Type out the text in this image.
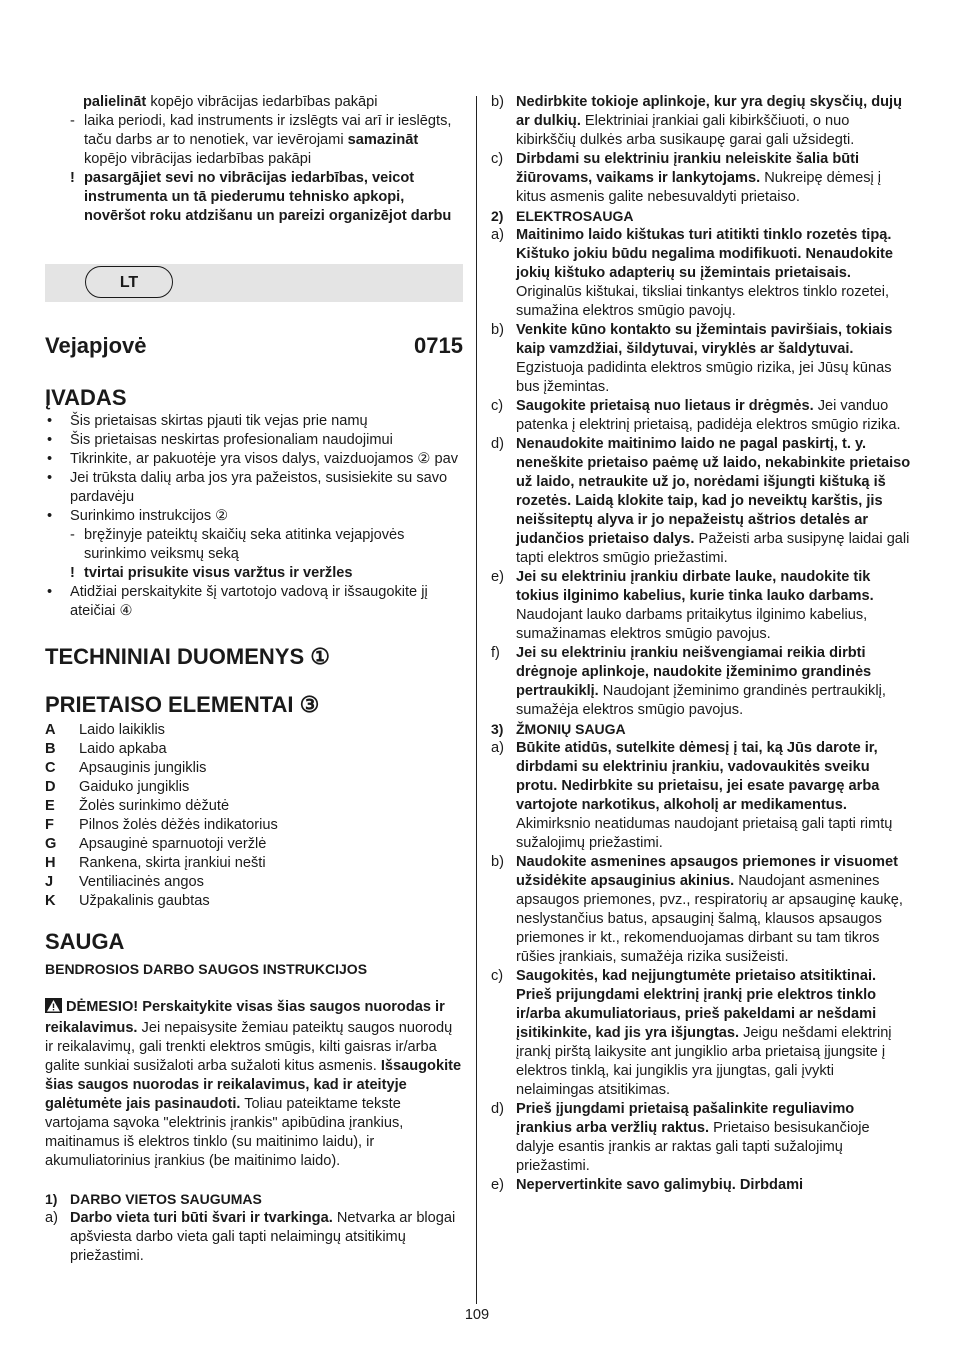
palielināt kopējo vibrācijas iedarbības pakāpi

- laika periodi, kad instruments ir izslēgts vai arī ir ieslēgts, taču darbs ar to nenotiek, var ievērojami samazināt kopējo vibrācijas iedarbības pakāpi
! pasargājiet sevi no vibrācijas iedarbības, veicot instrumenta un tā piederumu tehnisko apkopi, novēršot roku atdzišanu un pareizi organizējot darbu
LT
Vejapjovė	0715
ĮVADAS
•	Šis prietaisas skirtas pjauti tik vejas prie namų
•	Šis prietaisas neskirtas profesionaliam naudojimui
•	Tikrinkite, ar pakuotėje yra visos dalys, vaizduojamos ② pav
•	Jei trūksta dalių arba jos yra pažeistos, susisiekite su savo pardavėju
•	Surinkimo instrukcijos ②
- bręžinyje pateiktų skaičių seka atitinka vejapjovės surinkimo veiksmų seką
! tvirtai prisukite visus varžtus ir veržles
•	Atidžiai perskaitykite šį vartotojo vadovą ir išsaugokite jį ateičiai ④
TECHNINIAI DUOMENYS ①
PRIETAISO ELEMENTAI ③
A	Laido laikiklis
B	Laido apkaba
C	Apsauginis jungiklis
D	Gaiduko jungiklis
E	Žolės surinkimo dėžutė
F	Pilnos žolės dėžės indikatorius
G	Apsauginė sparnuotoji veržlė
H	Rankena, skirta įrankiui nešti
J	Ventiliacinės angos
K	Užpakalinis gaubtas
SAUGA

BENDROSIOS DARBO SAUGOS INSTRUKCIJOS

DĖMESIO! Perskaitykite visas šias saugos nuorodas ir reikalavimus. Jei nepaisysite žemiau pateiktų saugos nuorodų ir reikalavimų, gali trenkti elektros smūgis, kilti gaisras ir/arba galite sunkiai susižaloti arba sužaloti kitus asmenis. Išsaugokite šias saugos nuorodas ir reikalavimus, kad ir ateityje galėtumėte jais pasinaudoti. Toliau pateiktame tekste vartojama sąvoka "elektrinis įrankis" apibūdina įrankius, maitinamus iš elektros tinklo (su maitinimo laidu), ir akumuliatorinius įrankius (be maitinimo laido).

1) DARBO VIETOS SAUGUMAS
a) Darbo vieta turi būti švari ir tvarkinga. Netvarka ar blogai apšviesta darbo vieta gali tapti nelaimingų atsitikimų priežastimi.
b) Nedirbkite tokioje aplinkoje, kur yra degių skysčių, dujų ar dulkių. Elektriniai įrankiai gali kibirkščiuoti, o nuo kibirkščių dulkės arba susikaupę garai gali užsidegti.
c) Dirbdami su elektriniu įrankiu neleiskite šalia būti žiūrovams, vaikams ir lankytojams. Nukreipę dėmesį į kitus asmenis galite nebesuvaldyti prietaiso.
2) ELEKTROSAUGA
a) Maitinimo laido kištukas turi atitikti tinklo rozetės tipą. Kištuko jokiu būdu negalima modifikuoti. Nenaudokite jokių kištuko adapterių su įžemintais prietaisais. Originalūs kištukai, tiksliai tinkantys elektros tinklo rozetei, sumažina elektros smūgio pavojų.
b) Venkite kūno kontakto su įžemintais paviršiais, tokiais kaip vamzdžiai, šildytuvai, viryklės ar šaldytuvai. Egzistuoja padidinta elektros smūgio rizika, jei Jūsų kūnas bus įžemintas.
c) Saugokite prietaisą nuo lietaus ir drėgmės. Jei vanduo patenka į elektrinį prietaisą, padidėja elektros smūgio rizika.
d) Nenaudokite maitinimo laido ne pagal paskirtį, t. y. neneškite prietaiso paėmę už laido, nekabinkite prietaiso už laido, netraukite už jo, norėdami išjungti kištuką iš rozetės. Laidą klokite taip, kad jo neveiktų karštis, jis neišsiteptų alyva ir jo nepažeistų aštrios detalės ar judančios prietaiso dalys. Pažeisti arba susipynę laidai gali tapti elektros smūgio priežastimi.
e) Jei su elektriniu įrankiu dirbate lauke, naudokite tik tokius ilginimo kabelius, kurie tinka lauko darbams. Naudojant lauko darbams pritaikytus ilginimo kabelius, sumažinamas elektros smūgio pavojus.
f)	Jei su elektriniu įrankiu neišvengiamai reikia dirbti drėgnoje aplinkoje, naudokite įžeminimo grandinės pertraukiklį. Naudojant įžeminimo grandinės pertraukiklį, sumažėja elektros smūgio pavojus.
3) ŽMONIŲ SAUGA
a) Būkite atidūs, sutelkite dėmesį į tai, ką Jūs darote ir, dirbdami su elektriniu įrankiu, vadovaukitės sveiku protu. Nedirbkite su prietaisu, jei esate pavargę arba vartojote narkotikus, alkoholį ar medikamentus. Akimirksnio neatidumas naudojant prietaisą gali tapti rimtų sužalojimų priežastimi.
b) Naudokite asmenines apsaugos priemones ir visuomet užsidėkite apsauginius akinius. Naudojant asmenines apsaugos priemones, pvz., respiratorių ar apsauginę kaukę, neslystančius batus, apsauginį šalmą, klausos apsaugos priemones ir kt., rekomenduojamas dirbant su tam tikros rūšies įrankiais, sumažėja rizika susižeisti.
c) Saugokitės, kad neįjungtumėte prietaiso atsitiktinai. Prieš prijungdami elektrinį įrankį prie elektros tinklo ir/arba akumuliatoriaus, prieš pakeldami ar nešdami įsitikinkite, kad jis yra išjungtas. Jeigu nešdami elektrinį įrankį pirštą laikysite ant jungiklio arba prietaisą įjungsite į elektros tinklą, kai jungiklis yra įjungtas, gali įvykti nelaimingas atsitikimas.
d) Prieš įjungdami prietaisą pašalinkite reguliavimo įrankius arba veržlių raktus. Prietaiso besisukančioje dalyje esantis įrankis ar raktas gali tapti sužalojimų priežastimi.
e) Nepervertinkite savo galimybių. Dirbdami
109
